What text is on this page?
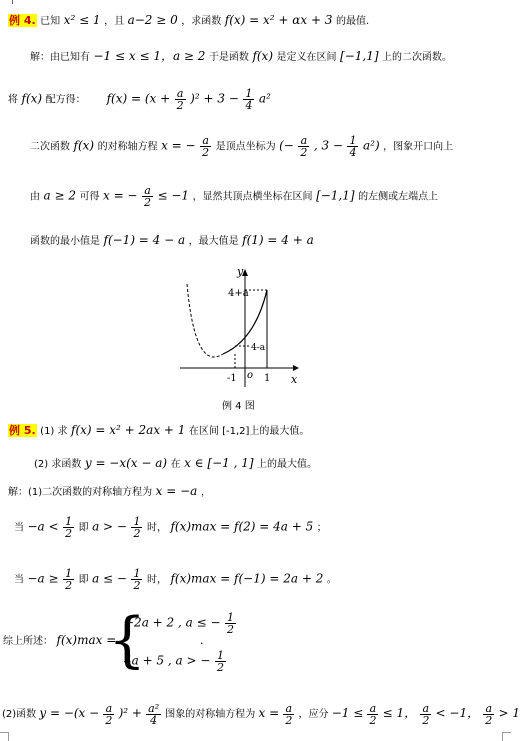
例 4. 已知 x² ≤ 1 ，且 a−2 ≥ 0 ，求函数 f(x) = x² + αx + 3 的最值.
解：由已知有 −1 ≤ x ≤ 1，a ≥ 2 于是函数 f(x) 是定义在区间 [−1,1] 上的二次函数。
将 f(x) 配方得： $f(x) = (x + \frac{a}{2} )^2 + 3 - \frac{1}{4} a^2$
二次函数 f(x) 的对称轴方程 x = − $\frac{a}{2}$ 是顶点坐标为 (− $\frac{a}{2}$ , $3 - \frac{1}{4} a^2$) ，图象开口向上
由 a ≥ 2 可得 x = − $\frac{a}{2} \le -1$ ，显然其顶点横坐标在区间 [−1,1] 的左侧或左端点上
函数的最小值是 f(−1) = 4 − a ，最大值是 f(1) = 4 + a
y
x
4+a
4-a
-1 o 1
例 4 图
例 5. (1) 求 f(x) = x² + 2ax + 1 在区间 [-1,2]上的最大值。
(2) 求函数 y = −x(x − a) 在 x ∈ [−1 , 1] 上的最大值。
解：(1)二次函数的对称轴方程为 x = −a ，
当 $-a < \frac{1}{2}$ 即 a > − $\frac{1}{2}$ 时， f(x)max = f(2) = 4a + 5 ；
当 $-a \ge \frac{1}{2}$ 即 a ≤ − $\frac{1}{2}$ 时， f(x)max = f(−1) = 2a + 2 。
综上所述： f(x)max =
{
−2a + 2 , a ≤ − $\frac{1}{2}$
.
4a + 5 , a > − $\frac{1}{2}$
(2)函数 $y = -(x - \frac{a}{2} )^2 + \frac{\text{a²}}{4}$ 图象的对称轴方程为 $x = \frac{a}{2}$ ，应分 $-1 \le \frac{a}{2} \le 1$， $\frac{a}{2} < -1$， $\frac{a}{2} > 1$
